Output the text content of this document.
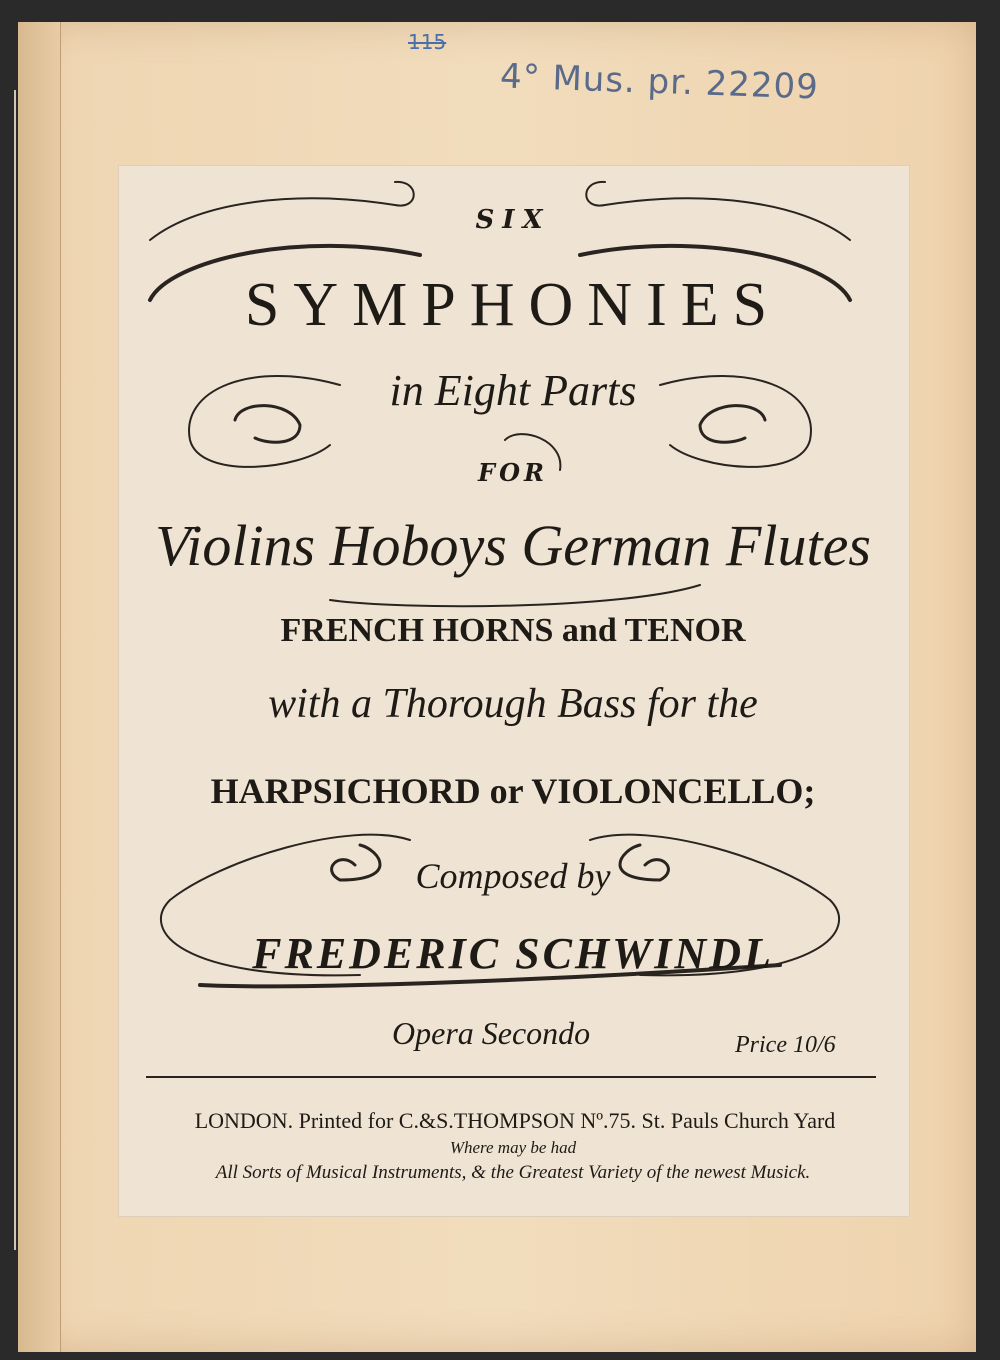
115
4° Mus. pr. 22209
SIX
SYMPHONIES
in Eight Parts
FOR
Violins Hoboys German Flutes
FRENCH HORNS and TENOR
with a Thorough Bass for the
HARPSICHORD or VIOLONCELLO;
Composed by
FREDERIC SCHWINDL
Opera Secondo	Price 10/6
LONDON. Printed for C.&S.THOMPSON Nº.75. St. Pauls Church Yard
Where may be had
All Sorts of Musical Instruments, & the Greatest Variety of the newest Musick.
